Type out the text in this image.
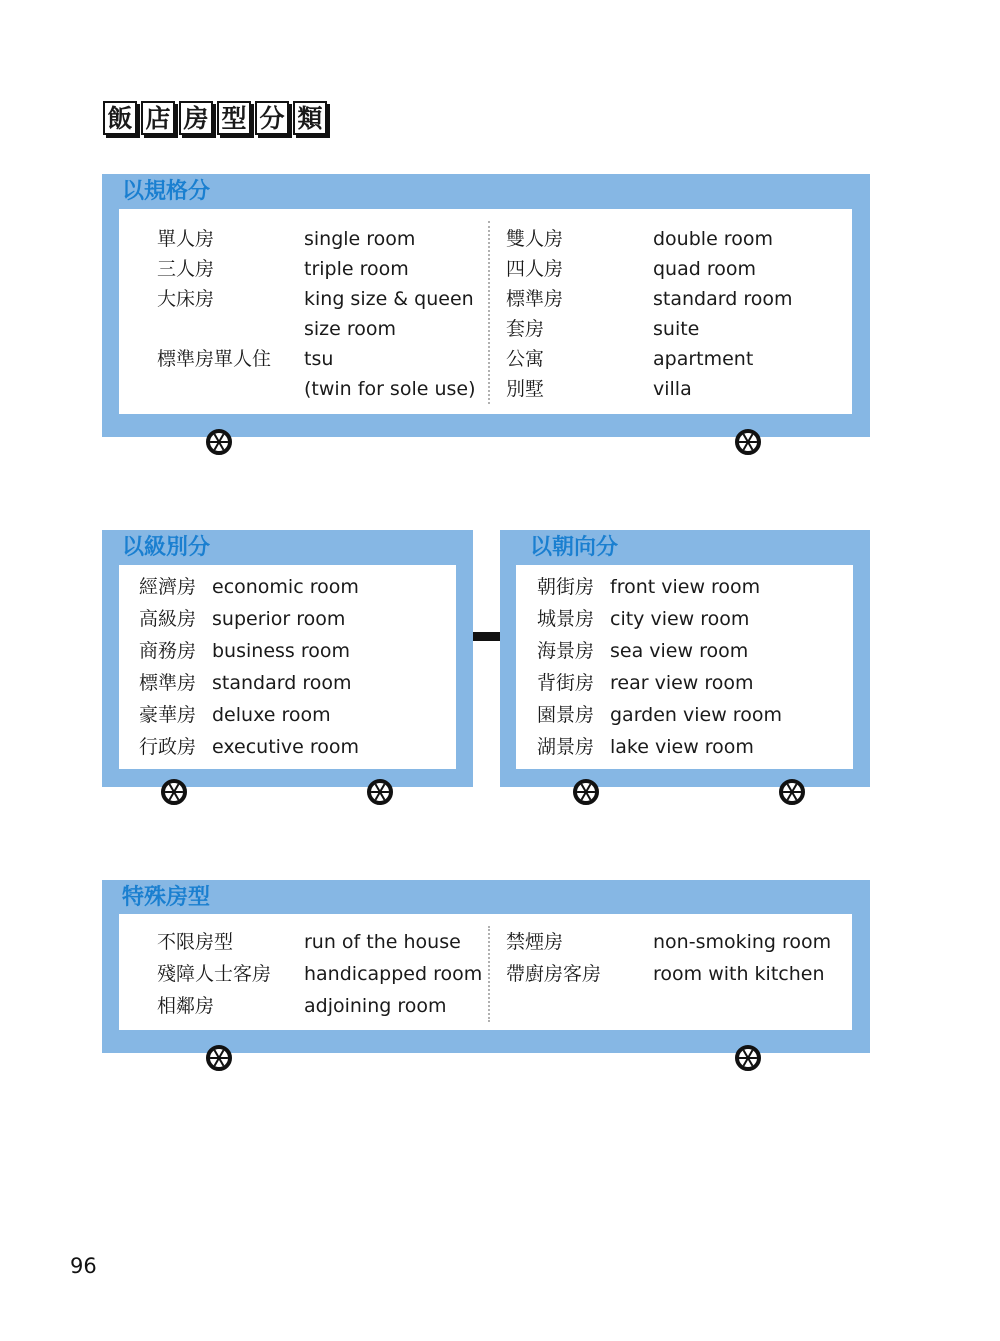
飯 店 房 型 分 類
以規格分
單人房	single room
三人房	triple room
大床房	king size & queen
size room
標準房單人住	tsu
(twin for sole use)
雙人房	double room
四人房	quad room
標準房	standard room
套房	suite
公寓	apartment
別墅	villa
以級別分
經濟房 economic room
高級房 superior room
商務房 business room
標準房 standard room
豪華房 deluxe room
行政房 executive room
以朝向分
朝街房 front view room
城景房 city view room
海景房 sea view room
背街房 rear view room
園景房 garden view room
湖景房 lake view room
特殊房型
不限房型	run of the house
殘障人士客房	handicapped room
相鄰房	adjoining room
禁煙房	non-smoking room
帶廚房客房	room with kitchen
96
